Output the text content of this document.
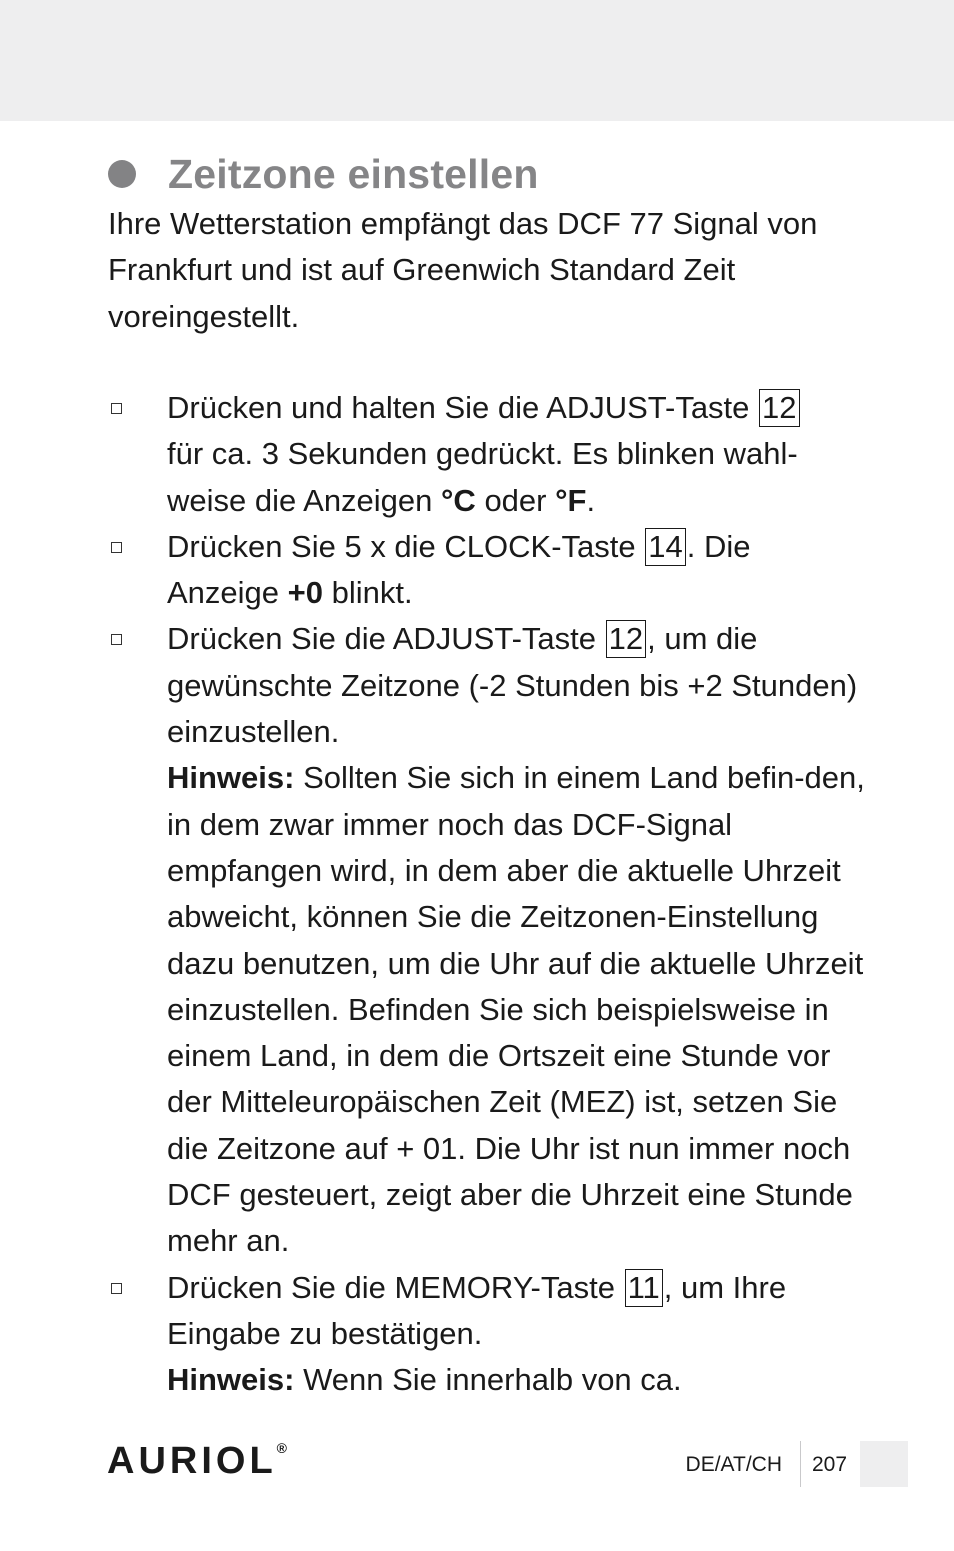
Zeitzone einstellen

Ihre Wetterstation empfängt das DCF 77 Signal von Frankfurt und ist auf Greenwich Standard Zeit voreingestellt.

Drücken und halten Sie die ADJUST-Taste 12
für ca. 3 Sekunden gedrückt. Es blinken wahl-weise die Anzeigen °C oder °F.
Drücken Sie 5 x die CLOCK-Taste 14 . Die Anzeige +0 blinkt.
Drücken Sie die ADJUST-Taste 12 , um die gewünschte Zeitzone (-2 Stunden bis +2 Stunden) einzustellen.
Hinweis: Sollten Sie sich in einem Land befin-den, in dem zwar immer noch das DCF-Signal empfangen wird, in dem aber die aktuelle Uhrzeit abweicht, können Sie die Zeitzonen-Einstellung dazu benutzen, um die Uhr auf die aktuelle Uhrzeit einzustellen. Befinden Sie sich beispielsweise in einem Land, in dem die Ortszeit eine Stunde vor der Mitteleuropäischen Zeit (MEZ) ist, setzen Sie die Zeitzone auf + 01. Die Uhr ist nun immer noch DCF gesteuert, zeigt aber die Uhrzeit eine Stunde mehr an.
Drücken Sie die MEMORY-Taste 11 , um Ihre Eingabe zu bestätigen.
Hinweis: Wenn Sie innerhalb von ca.
AURIOL®
DE/AT/CH 207
